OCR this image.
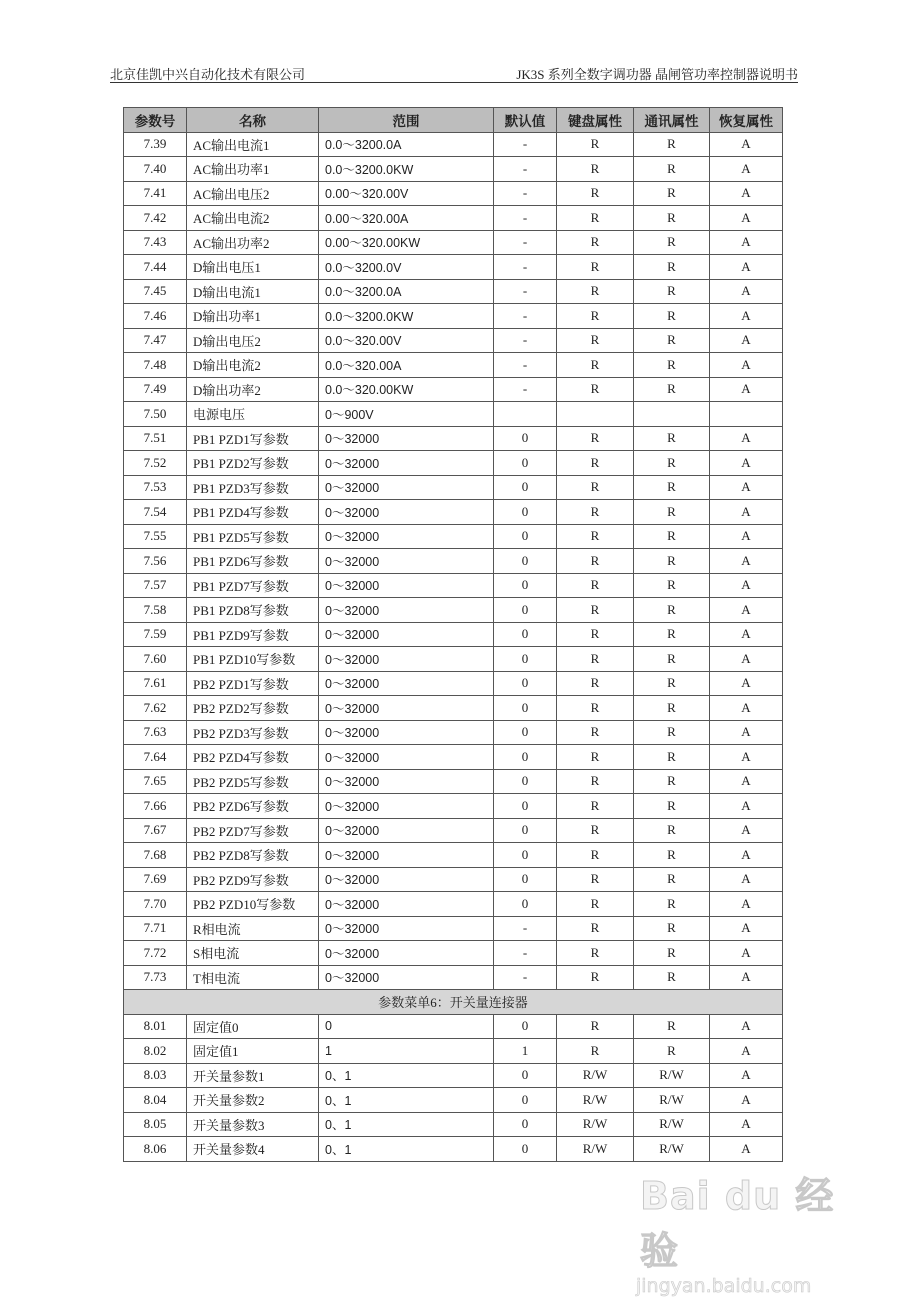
北京佳凯中兴自动化技术有限公司	JK3S 系列全数字调功器 晶闸管功率控制器说明书
参数号	名称	范围	默认值	键盘属性	通讯属性	恢复属性
7.39	AC输出电流1	0.0～3200.0A	-	R	R	A
7.40	AC输出功率1	0.0～3200.0KW	-	R	R	A
7.41	AC输出电压2	0.00～320.00V	-	R	R	A
7.42	AC输出电流2	0.00～320.00A	-	R	R	A
7.43	AC输出功率2	0.00～320.00KW	-	R	R	A
7.44	D输出电压1	0.0～3200.0V	-	R	R	A
7.45	D输出电流1	0.0～3200.0A	-	R	R	A
7.46	D输出功率1	0.0～3200.0KW	-	R	R	A
7.47	D输出电压2	0.0～320.00V	-	R	R	A
7.48	D输出电流2	0.0～320.00A	-	R	R	A
7.49	D输出功率2	0.0～320.00KW	-	R	R	A
7.50	电源电压	0～900V				
7.51	PB1 PZD1写参数	0～32000	0	R	R	A
7.52	PB1 PZD2写参数	0～32000	0	R	R	A
7.53	PB1 PZD3写参数	0～32000	0	R	R	A
7.54	PB1 PZD4写参数	0～32000	0	R	R	A
7.55	PB1 PZD5写参数	0～32000	0	R	R	A
7.56	PB1 PZD6写参数	0～32000	0	R	R	A
7.57	PB1 PZD7写参数	0～32000	0	R	R	A
7.58	PB1 PZD8写参数	0～32000	0	R	R	A
7.59	PB1 PZD9写参数	0～32000	0	R	R	A
7.60	PB1 PZD10写参数	0～32000	0	R	R	A
7.61	PB2 PZD1写参数	0～32000	0	R	R	A
7.62	PB2 PZD2写参数	0～32000	0	R	R	A
7.63	PB2 PZD3写参数	0～32000	0	R	R	A
7.64	PB2 PZD4写参数	0～32000	0	R	R	A
7.65	PB2 PZD5写参数	0～32000	0	R	R	A
7.66	PB2 PZD6写参数	0～32000	0	R	R	A
7.67	PB2 PZD7写参数	0～32000	0	R	R	A
7.68	PB2 PZD8写参数	0～32000	0	R	R	A
7.69	PB2 PZD9写参数	0～32000	0	R	R	A
7.70	PB2 PZD10写参数	0～32000	0	R	R	A
7.71	R相电流	0～32000	-	R	R	A
7.72	S相电流	0～32000	-	R	R	A
7.73	T相电流	0～32000	-	R	R	A
参数菜单6：开关量连接器						
8.01	固定值0	0	0	R	R	A
8.02	固定值1	1	1	R	R	A
8.03	开关量参数1	0、1	0	R/W	R/W	A
8.04	开关量参数2	0、1	0	R/W	R/W	A
8.05	开关量参数3	0、1	0	R/W	R/W	A
8.06	开关量参数4	0、1	0	R/W	R/W	A
Bai du 经验
jingyan.baidu.com
